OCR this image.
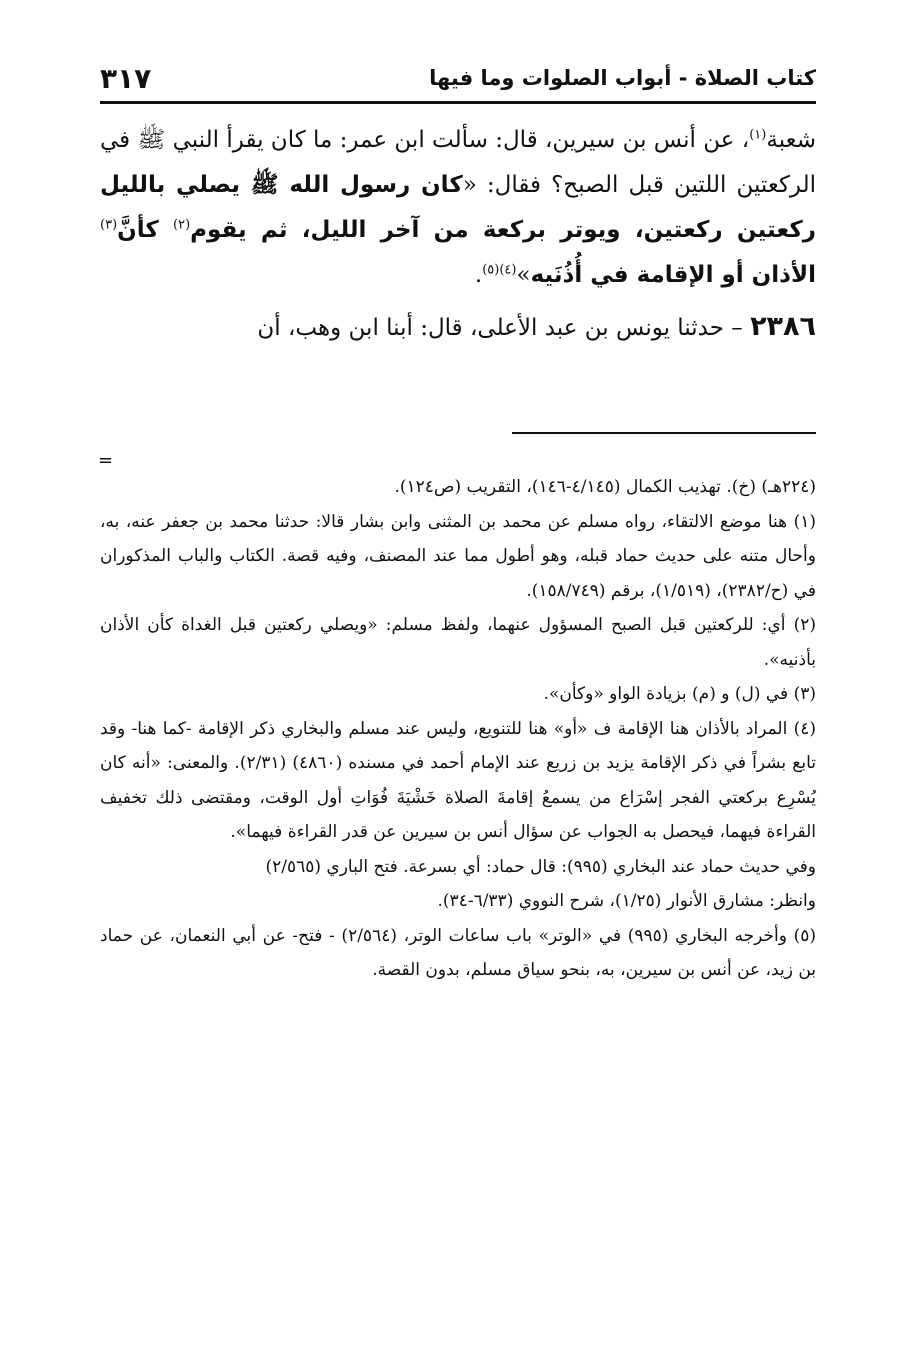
كتاب الصلاة - أبواب الصلوات وما فيها
٣١٧

شعبة$^{(١)}$، عن أنس بن سيرين، قال: سألت ابن عمر: ما كان يقرأ النبي ﷺ في الركعتين اللتين قبل الصبح؟ فقال: «كان رسول الله ﷺ يصلي بالليل ركعتين ركعتين، ويوتر بركعة من آخر الليل، ثم يقوم$^{(٢)}$ كأنَّ$^{(٣)}$ الأذان أو الإقامة في أُذُنَيه»$^{(٤)(٥)}$.

٢٣٨٦ – حدثنا يونس بن عبد الأعلى، قال: أبنا ابن وهب، أن

=

(٢٢٤هـ) (خ). تهذيب الكمال (٤/١٤٥-١٤٦)، التقريب (ص١٢٤).

(١) هنا موضع الالتقاء، رواه مسلم عن محمد بن المثنى وابن بشار قالا: حدثنا محمد بن جعفر عنه، به، وأحال متنه على حديث حماد قبله، وهو أطول مما عند المصنف، وفيه قصة. الكتاب والباب المذكوران في (ح/٢٣٨٢)، (١/٥١٩)، برقم (١٥٨/٧٤٩).

(٢) أي: للركعتين قبل الصبح المسؤول عنهما، ولفظ مسلم: «ويصلي ركعتين قبل الغداة كأن الأذان بأذنيه».

(٣) في (ل) و (م) بزيادة الواو «وكأن».

(٤) المراد بالأذان هنا الإقامة ف «أو» هنا للتنويع، وليس عند مسلم والبخاري ذكر الإقامة -كما هنا- وقد تابع بشراً في ذكر الإقامة يزيد بن زريع عند الإمام أحمد في مسنده (٤٨٦٠) (٢/٣١). والمعنى: «أنه كان يُسْرِع بركعتي الفجر إسْرَاع من يسمعُ إقامةَ الصلاة خَشْيَةَ فُوَاتِ أول الوقت، ومقتضى ذلك تخفيف القراءة فيهما، فيحصل به الجواب عن سؤال أنس بن سيرين عن قدر القراءة فيهما».

وفي حديث حماد عند البخاري (٩٩٥): قال حماد: أي بسرعة. فتح الباري (٢/٥٦٥)

وانظر: مشارق الأنوار (١/٢٥)، شرح النووي (٦/٣٣-٣٤).

(٥) وأخرجه البخاري (٩٩٥) في «الوتر» باب ساعات الوتر، (٢/٥٦٤) - فتح- عن أبي النعمان، عن حماد بن زيد، عن أنس بن سيرين، به، بنحو سياق مسلم، بدون القصة.
